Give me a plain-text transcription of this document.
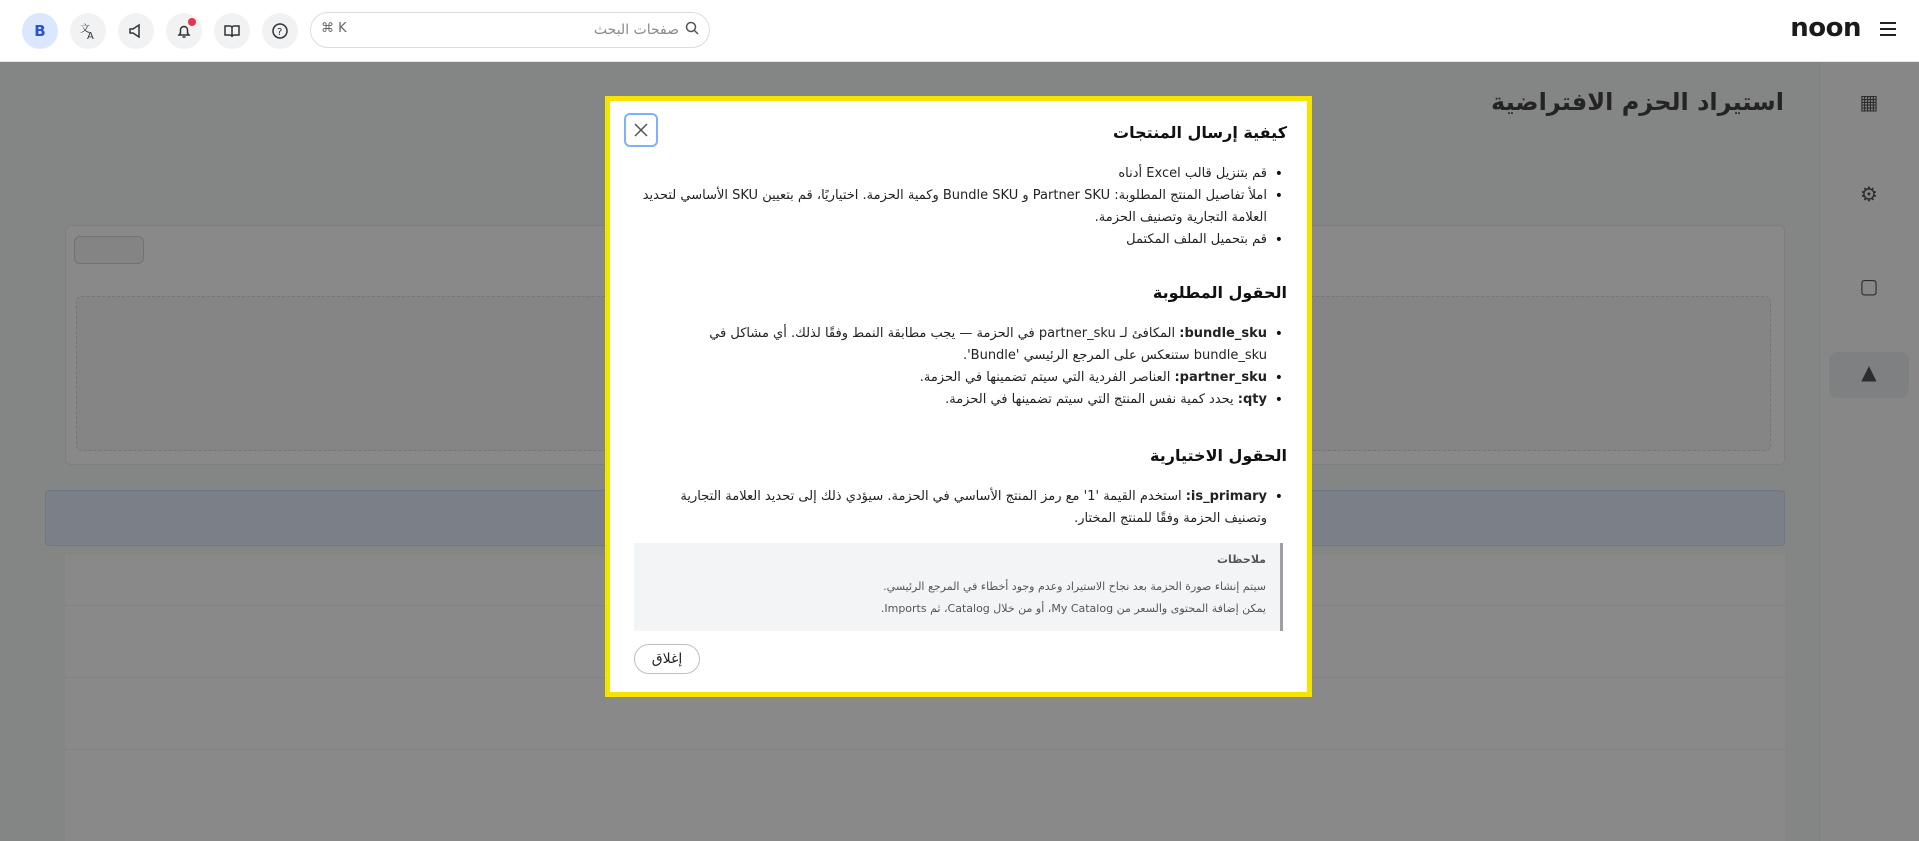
B	文
A	?	⌘ K	صفحات البحث	noon

كيفية إرسال المنتجات
• قم بتنزيل قالب Excel أدناه
• املأ تفاصيل المنتج المطلوبة: Partner SKU و Bundle SKU وكمية الحزمة. اختياريًا، قم بتعيين SKU الأساسي لتحديد العلامة التجارية وتصنيف الحزمة.
• قم بتحميل الملف المكتمل
الحقول المطلوبة
• bundle_sku: المكافئ لـ partner_sku في الحزمة — يجب مطابقة النمط وفقًا لذلك. أي مشاكل في bundle_sku ستنعكس على المرجع الرئيسي 'Bundle'.
• partner_sku: العناصر الفردية التي سيتم تضمينها في الحزمة.
• qty: يحدد كمية نفس المنتج التي سيتم تضمينها في الحزمة.
الحقول الاختيارية
• is_primary: استخدم القيمة '1' مع رمز المنتج الأساسي في الحزمة. سيؤدي ذلك إلى تحديد العلامة التجارية وتصنيف الحزمة وفقًا للمنتج المختار.
ملاحظات
سيتم إنشاء صورة الحزمة بعد نجاح الاستيراد وعدم وجود أخطاء في المرجع الرئيسي.
يمكن إضافة المحتوى والسعر من My Catalog، أو من خلال Catalog، ثم Imports.
إغلاق
